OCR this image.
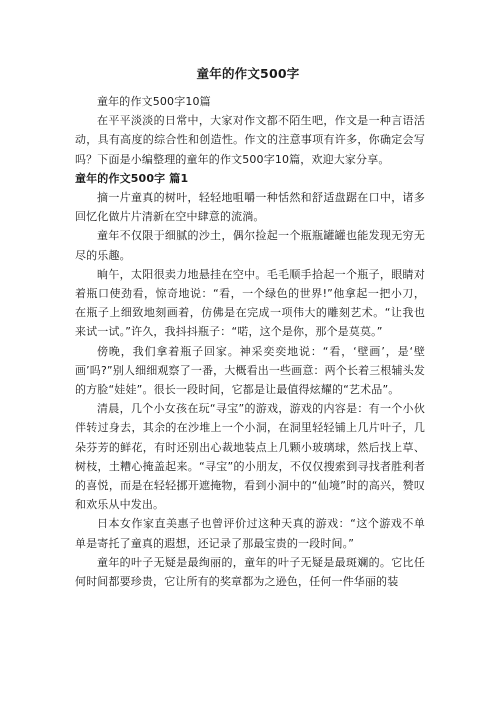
童年的作文500字

童年的作文500字10篇

在平平淡淡的日常中，大家对作文都不陌生吧，作文是一种言语活动，具有高度的综合性和创造性。作文的注意事项有许多，你确定会写吗？下面是小编整理的童年的作文500字10篇，欢迎大家分享。

童年的作文500字 篇1

摘一片童真的树叶，轻轻地咀嚼一种恬然和舒适盘踞在口中，诸多回忆化做片片清新在空中肆意的流淌。

童年不仅限于细腻的沙土，偶尔捡起一个瓶瓶罐罐也能发现无穷无尽的乐趣。

晌午，太阳很卖力地悬挂在空中。毛毛顺手拾起一个瓶子，眼睛对着瓶口使劲看，惊奇地说：“看，一个绿色的世界!”他拿起一把小刀，在瓶子上细致地刻画着，仿佛是在完成一项伟大的雕刻艺术。“让我也来试一试。”许久，我抖抖瓶子：“喏，这个是你，那个是莫莫。”

傍晚，我们拿着瓶子回家。神采奕奕地说：“看，‘壁画’，是‘壁画’吗?”别人细细观察了一番，大概看出一些画意：两个长着三根辅头发的方脸“娃娃”。很长一段时间，它都是让最值得炫耀的“艺术品”。

清晨，几个小女孩在玩“寻宝”的游戏，游戏的内容是：有一个小伙伴转过身去，其余的在沙堆上一个小洞，在洞里轻轻铺上几片叶子，几朵芬芳的鲜花，有时还别出心裁地装点上几颗小玻璃球，然后找上草、树枝，土糟心掩盖起来。“寻宝”的小朋友，不仅仅搜索到寻找者胜利者的喜悦，而是在轻轻挪开遮掩物，看到小洞中的“仙境”时的高兴，赞叹和欢乐从中发出。

日本女作家直美惠子也曾评价过这种天真的游戏：“这个游戏不单单是寄托了童真的遐想，还记录了那最宝贵的一段时间。”

童年的叶子无疑是最绚丽的，童年的叶子无疑是最斑斓的。它比任何时间都要珍贵，它让所有的奖章都为之逊色，任何一件华丽的装
